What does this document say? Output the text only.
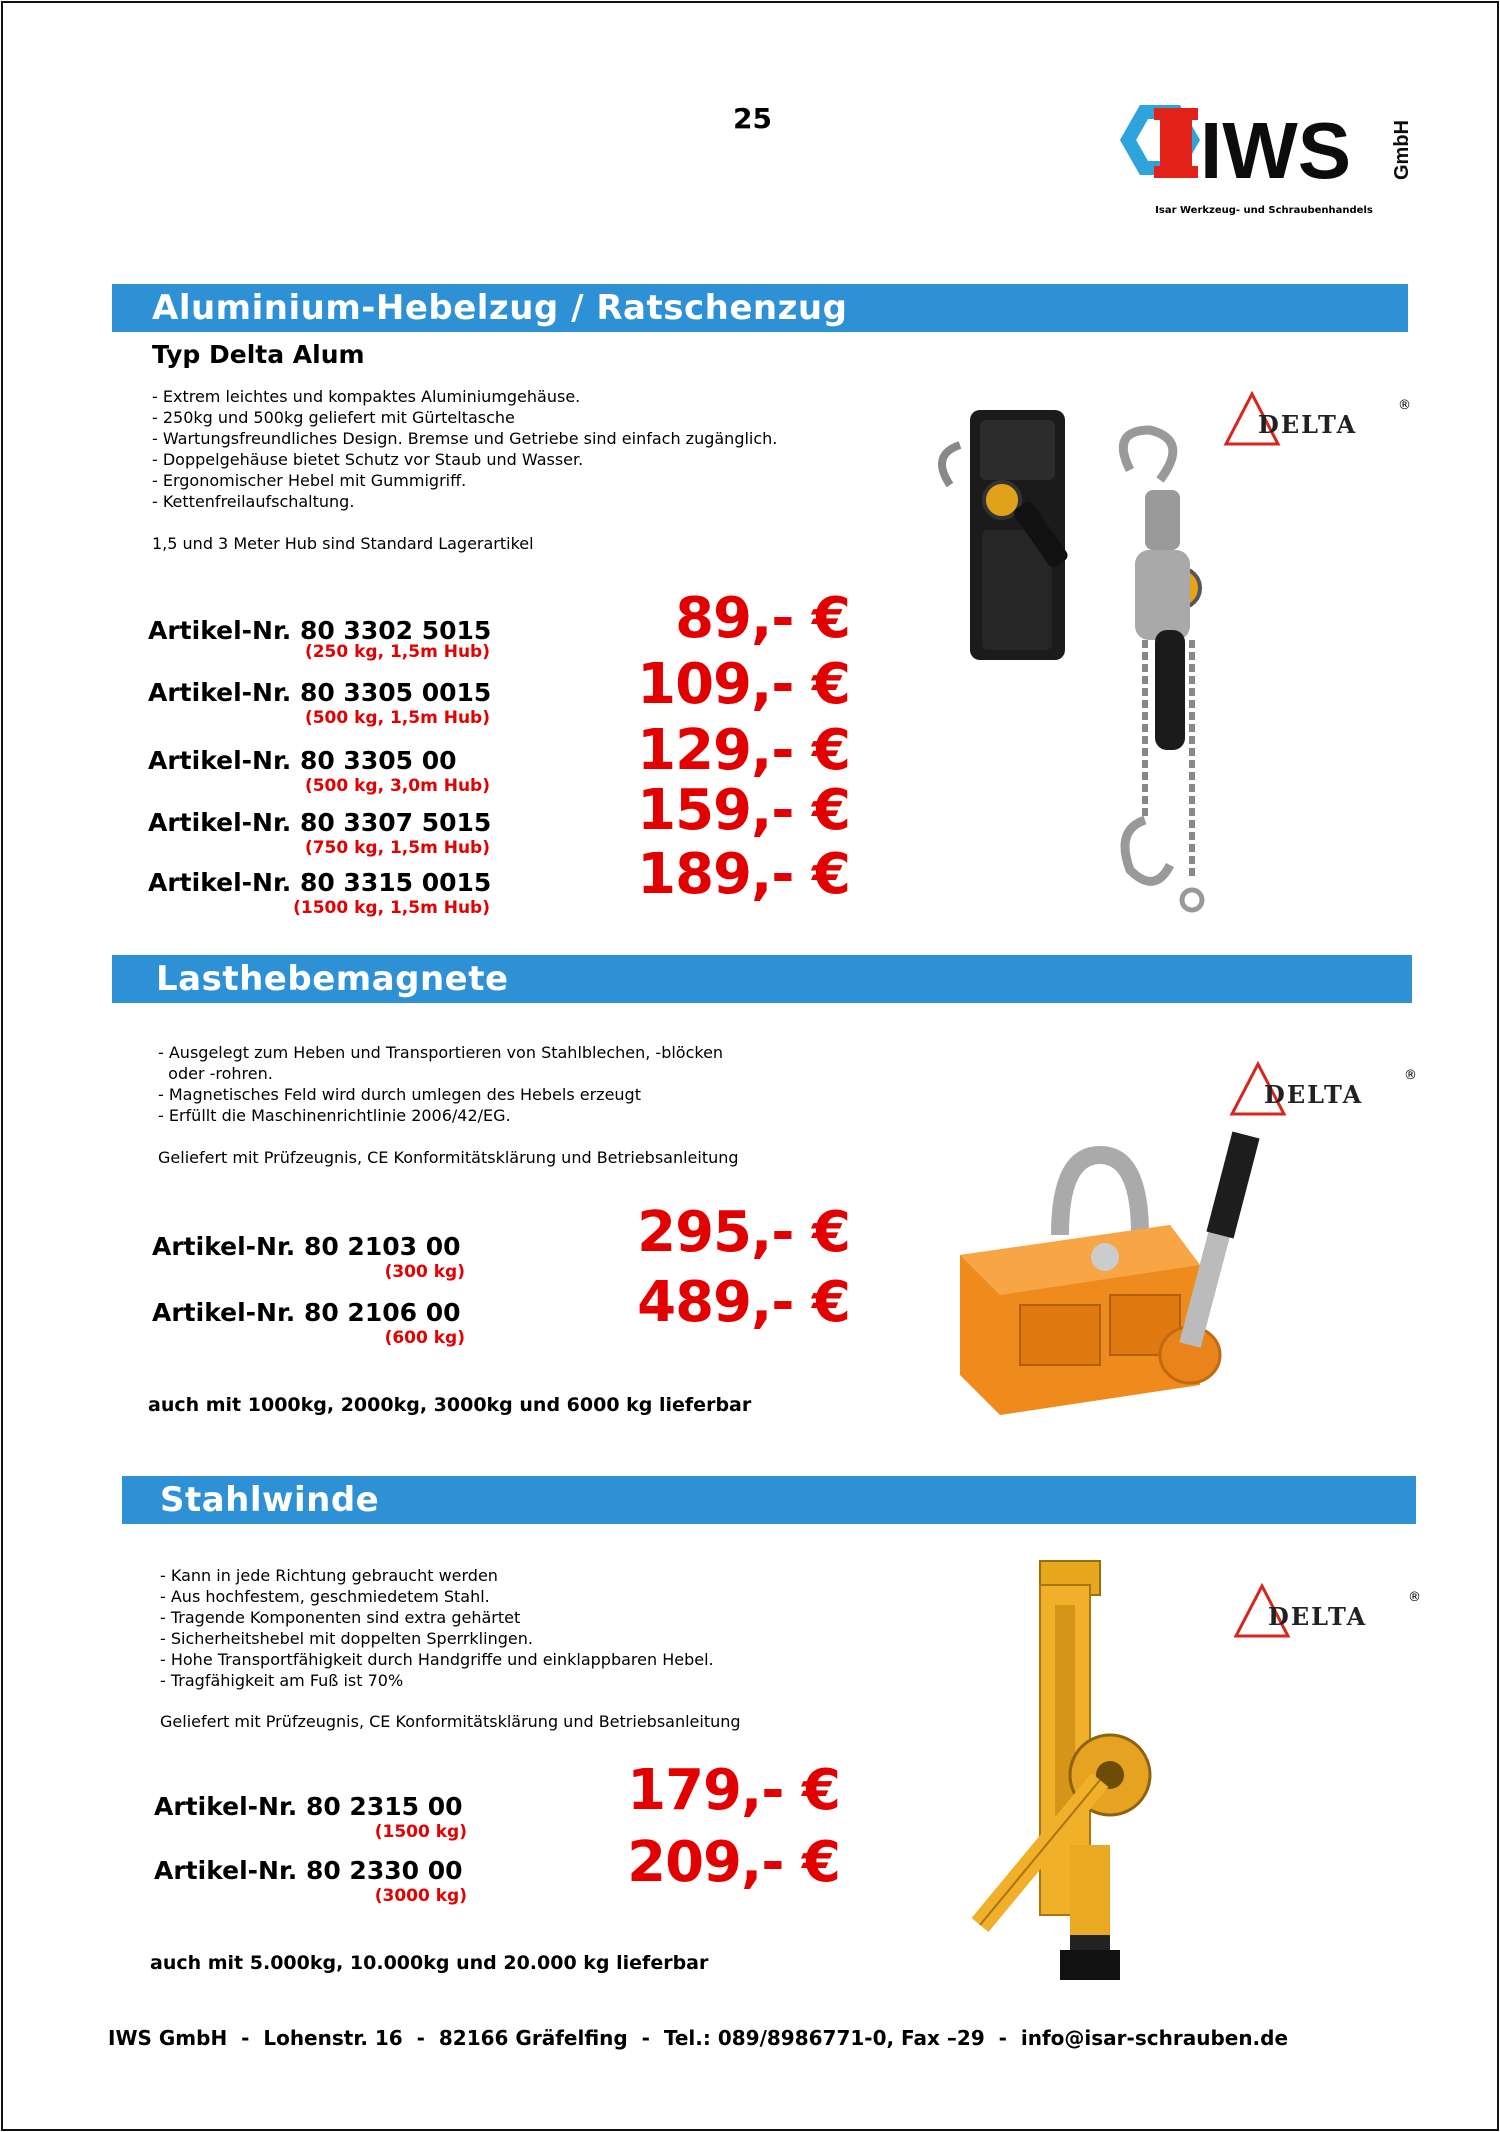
25	IWS GmbH
Isar Werkzeug- und Schraubenhandels
Aluminium-Hebelzug / Ratschenzug
Typ Delta Alum
- Extrem leichtes und kompaktes Aluminiumgehäuse.
- 250kg und 500kg geliefert mit Gürteltasche
- Wartungsfreundliches Design. Bremse und Getriebe sind einfach zugänglich.
- Doppelgehäuse bietet Schutz vor Staub und Wasser.
- Ergonomischer Hebel mit Gummigriff.
- Kettenfreilaufschaltung.
1,5 und 3 Meter Hub sind Standard Lagerartikel
Artikel-Nr. 80 3302 5015
(250 kg, 1,5m Hub)
89,- €
Artikel-Nr. 80 3305 0015
(500 kg, 1,5m Hub)
109,- €
Artikel-Nr. 80 3305 00
(500 kg, 3,0m Hub)
129,- €
Artikel-Nr. 80 3307 5015
(750 kg, 1,5m Hub)
159,- €
Artikel-Nr. 80 3315 0015
(1500 kg, 1,5m Hub)
189,- €
DELTA
®
Lasthebemagnete
- Ausgelegt zum Heben und Transportieren von Stahlblechen, -blöcken
oder -rohren.
- Magnetisches Feld wird durch umlegen des Hebels erzeugt
- Erfüllt die Maschinenrichtlinie 2006/42/EG.
Geliefert mit Prüfzeugnis, CE Konformitätsklärung und Betriebsanleitung
Artikel-Nr. 80 2103 00
(300 kg)
295,- €
Artikel-Nr. 80 2106 00
(600 kg)
489,- €
auch mit 1000kg, 2000kg, 3000kg und 6000 kg lieferbar
DELTA
®
Stahlwinde
- Kann in jede Richtung gebraucht werden
- Aus hochfestem, geschmiedetem Stahl.
- Tragende Komponenten sind extra gehärtet
- Sicherheitshebel mit doppelten Sperrklingen.
- Hohe Transportfähigkeit durch Handgriffe und einklappbaren Hebel.
- Tragfähigkeit am Fuß ist 70%
Geliefert mit Prüfzeugnis, CE Konformitätsklärung und Betriebsanleitung
Artikel-Nr. 80 2315 00
(1500 kg)
179,- €
Artikel-Nr. 80 2330 00
(3000 kg)
209,- €
auch mit 5.000kg, 10.000kg und 20.000 kg lieferbar
DELTA
®
IWS GmbH  -  Lohenstr. 16  -  82166 Gräfelfing  -  Tel.: 089/8986771-0, Fax –29  -  info@isar-schrauben.de
